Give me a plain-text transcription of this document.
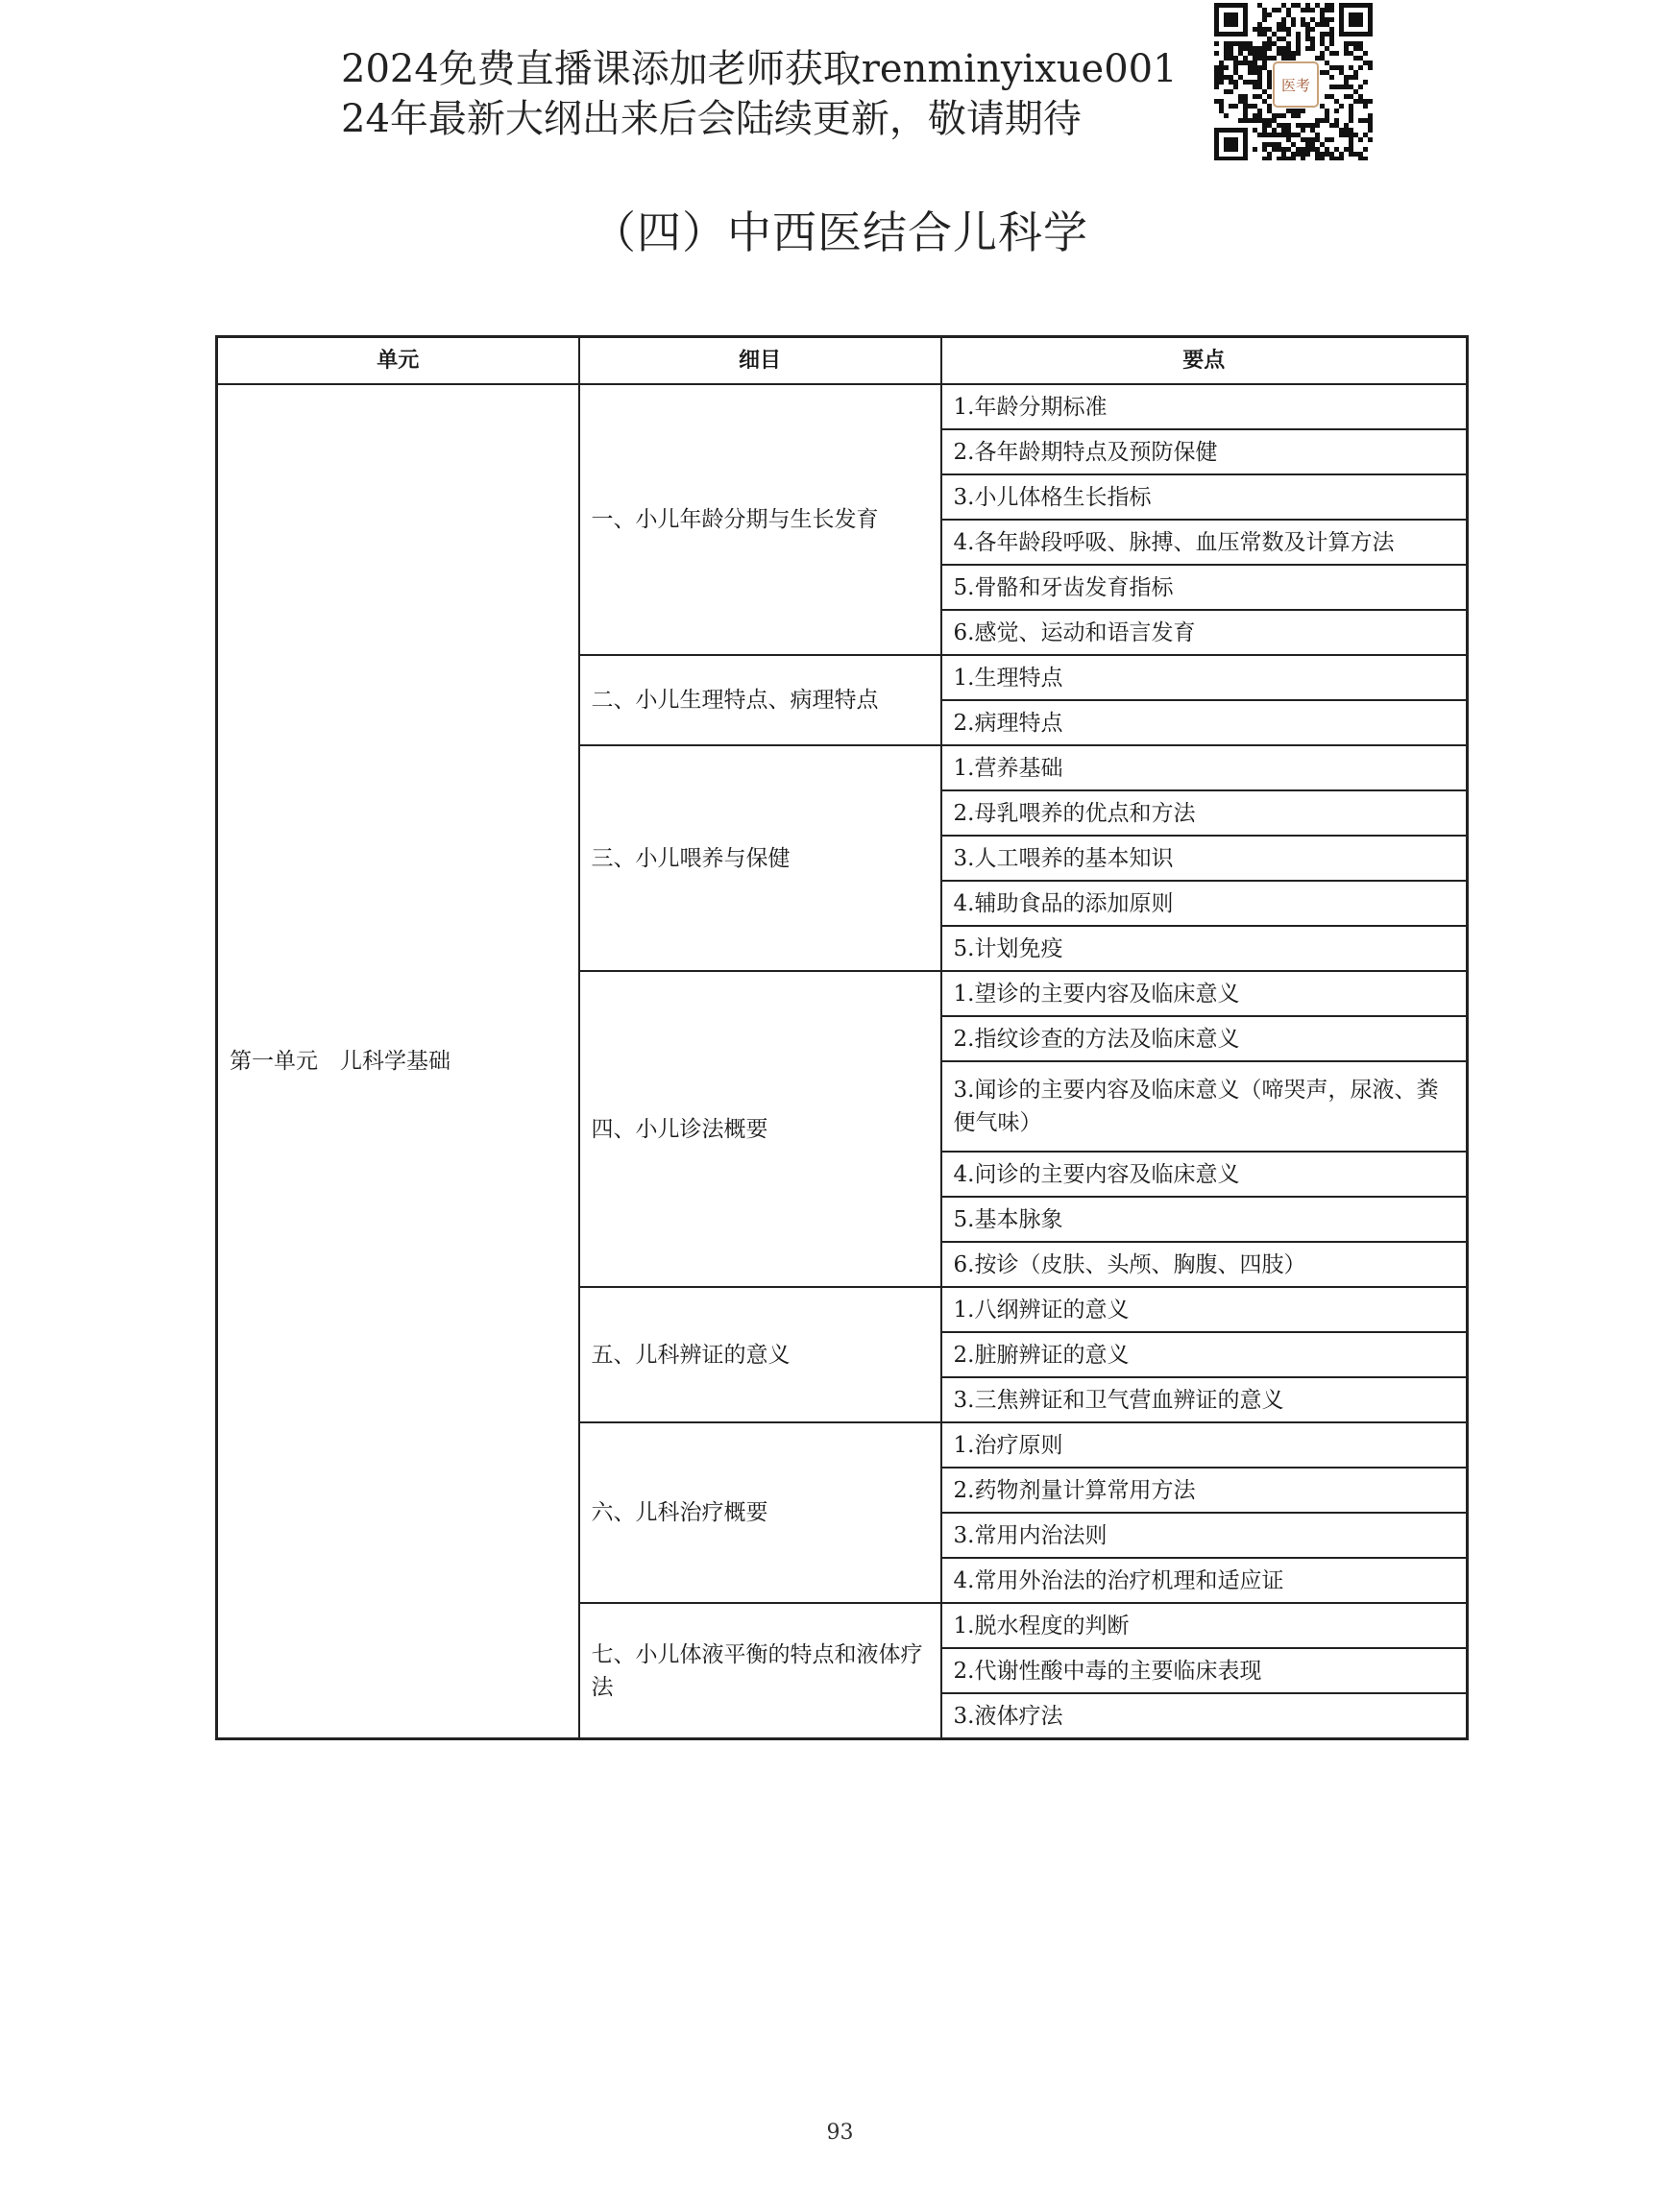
2024免费直播课添加老师获取renminyixue001
24年最新大纲出来后会陆续更新，敬请期待
医考
（四）中西医结合儿科学
单元	细目	要点
第一单元　儿科学基础	一、小儿年龄分期与生长发育	1.年龄分期标准
		2.各年龄期特点及预防保健
		3.小儿体格生长指标
		4.各年龄段呼吸、脉搏、血压常数及计算方法
		5.骨骼和牙齿发育指标
		6.感觉、运动和语言发育
	二、小儿生理特点、病理特点	1.生理特点
		2.病理特点
	三、小儿喂养与保健	1.营养基础
		2.母乳喂养的优点和方法
		3.人工喂养的基本知识
		4.辅助食品的添加原则
		5.计划免疫
	四、小儿诊法概要	1.望诊的主要内容及临床意义
		2.指纹诊查的方法及临床意义
		3.闻诊的主要内容及临床意义（啼哭声，尿液、粪便气味）
		4.问诊的主要内容及临床意义
		5.基本脉象
		6.按诊（皮肤、头颅、胸腹、四肢）
	五、儿科辨证的意义	1.八纲辨证的意义
		2.脏腑辨证的意义
		3.三焦辨证和卫气营血辨证的意义
	六、儿科治疗概要	1.治疗原则
		2.药物剂量计算常用方法
		3.常用内治法则
		4.常用外治法的治疗机理和适应证
	七、小儿体液平衡的特点和液体疗法	1.脱水程度的判断
		2.代谢性酸中毒的主要临床表现
		3.液体疗法
93
